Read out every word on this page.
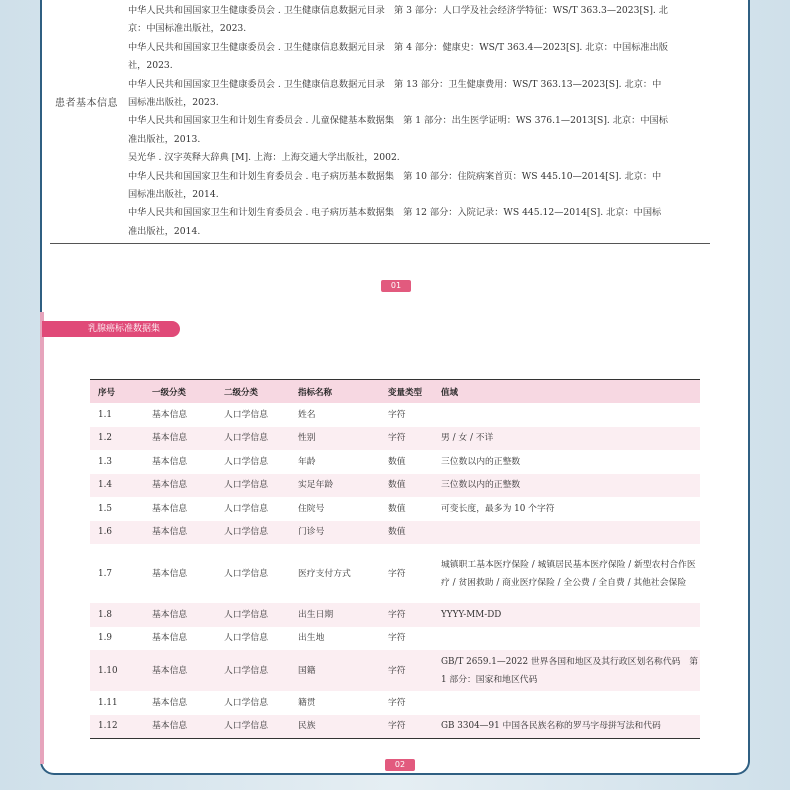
患者基本信息
中华人民共和国国家卫生健康委员会 . 卫生健康信息数据元目录　第 3 部分：人口学及社会经济学特征：WS/T 363.3—2023[S]. 北京：中国标准出版社，2023.
中华人民共和国国家卫生健康委员会 . 卫生健康信息数据元目录　第 4 部分：健康史：WS/T 363.4—2023[S]. 北京：中国标准出版社，2023.
中华人民共和国国家卫生健康委员会 . 卫生健康信息数据元目录　第 13 部分：卫生健康费用：WS/T 363.13—2023[S]. 北京：中国标准出版社，2023.
中华人民共和国国家卫生和计划生育委员会 . 儿童保健基本数据集　第 1 部分：出生医学证明：WS 376.1—2013[S]. 北京：中国标准出版社，2013.
吴光华 . 汉字英释大辞典 [M]. 上海：上海交通大学出版社，2002.
中华人民共和国国家卫生和计划生育委员会 . 电子病历基本数据集　第 10 部分：住院病案首页：WS 445.10—2014[S]. 北京：中国标准出版社，2014.
中华人民共和国国家卫生和计划生育委员会 . 电子病历基本数据集　第 12 部分：入院记录：WS 445.12—2014[S]. 北京：中国标准出版社，2014.
01
乳腺癌标准数据集
序号	一级分类	二级分类	指标名称	变量类型	值域
1.1	基本信息	人口学信息	姓名	字符	
1.2	基本信息	人口学信息	性别	字符	男 / 女 / 不详
1.3	基本信息	人口学信息	年龄	数值	三位数以内的正整数
1.4	基本信息	人口学信息	实足年龄	数值	三位数以内的正整数
1.5	基本信息	人口学信息	住院号	数值	可变长度，最多为 10 个字符
1.6	基本信息	人口学信息	门诊号	数值	
1.7	基本信息	人口学信息	医疗支付方式	字符	城镇职工基本医疗保险 / 城镇居民基本医疗保险 / 新型农村合作医疗 / 贫困救助 / 商业医疗保险 / 全公费 / 全自费 / 其他社会保险
1.8	基本信息	人口学信息	出生日期	字符	YYYY-MM-DD
1.9	基本信息	人口学信息	出生地	字符	
1.10	基本信息	人口学信息	国籍	字符	GB/T 2659.1—2022 世界各国和地区及其行政区划名称代码　第 1 部分：国家和地区代码
1.11	基本信息	人口学信息	籍贯	字符	
1.12	基本信息	人口学信息	民族	字符	GB 3304—91 中国各民族名称的罗马字母拼写法和代码
02
